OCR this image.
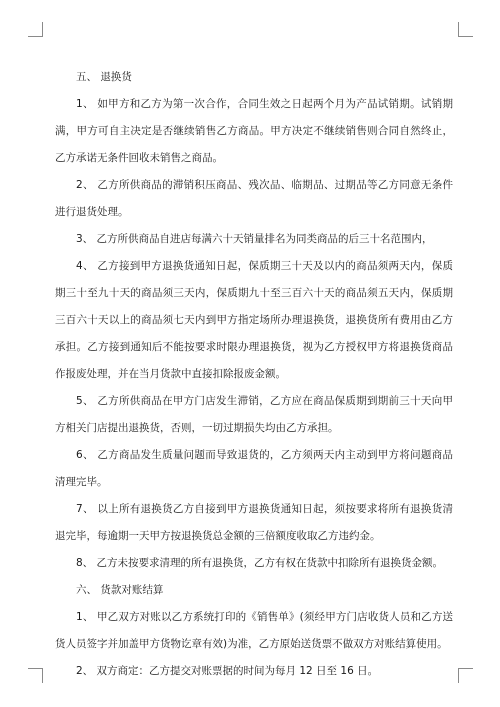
五、 退换货

1、 如甲方和乙方为第一次合作，合同生效之日起两个月为产品试销期。试销期满，甲方可自主决定是否继续销售乙方商品。甲方决定不继续销售则合同自然终止，乙方承诺无条件回收未销售之商品。

2、 乙方所供商品的滞销积压商品、残次品、临期品、过期品等乙方同意无条件进行退货处理。

3、 乙方所供商品自进店每满六十天销量排名为同类商品的后三十名范围内，

4、 乙方接到甲方退换货通知日起，保质期三十天及以内的商品须两天内，保质期三十至九十天的商品须三天内，保质期九十至三百六十天的商品须五天内，保质期三百六十天以上的商品须七天内到甲方指定场所办理退换货，退换货所有费用由乙方承担。乙方接到通知后不能按要求时限办理退换货，视为乙方授权甲方将退换货商品作报废处理，并在当月货款中直接扣除报废金额。

5、 乙方所供商品在甲方门店发生滞销，乙方应在商品保质期到期前三十天向甲方相关门店提出退换货，否则，一切过期损失均由乙方承担。

6、 乙方商品发生质量问题而导致退货的，乙方须两天内主动到甲方将问题商品清理完毕。

7、 以上所有退换货乙方自接到甲方退换货通知日起，须按要求将所有退换货清退完毕，每逾期一天甲方按退换货总金额的三倍额度收取乙方违约金。

8、 乙方未按要求清理的所有退换货，乙方有权在货款中扣除所有退换货金额。

六、 货款对账结算

1、 甲乙双方对账以乙方系统打印的《销售单》(须经甲方门店收货人员和乙方送货人员签字并加盖甲方货物讫章有效)为准，乙方原始送货票不做双方对账结算使用。

2、 双方商定：乙方提交对账票据的时间为每月 12 日至 16 日。
